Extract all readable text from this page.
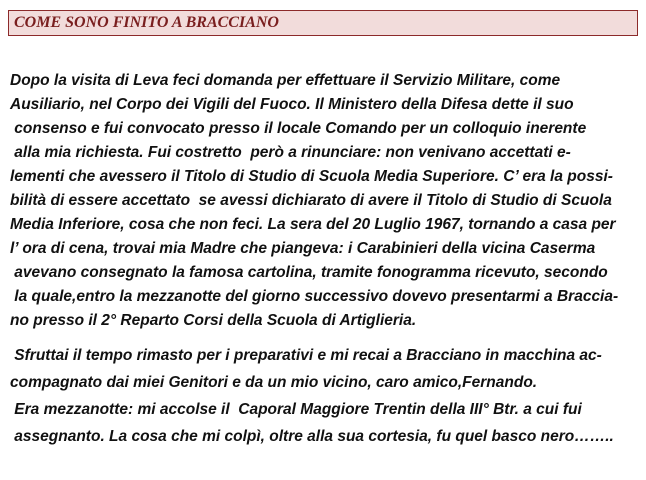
COME SONO FINITO A BRACCIANO
Dopo la visita di Leva feci domanda per effettuare il Servizio Militare, come
Ausiliario, nel Corpo dei Vigili del Fuoco. Il Ministero della Difesa dette il suo
consenso e fui convocato presso il locale Comando per un colloquio inerente
alla mia richiesta. Fui costretto  però a rinunciare: non venivano accettati e-
lementi che avessero il Titolo di Studio di Scuola Media Superiore. C’ era la possi-
bilità di essere accettato  se avessi dichiarato di avere il Titolo di Studio di Scuola
Media Inferiore, cosa che non feci. La sera del 20 Luglio 1967, tornando a casa per
l’ ora di cena, trovai mia Madre che piangeva: i Carabinieri della vicina Caserma
avevano consegnato la famosa cartolina, tramite fonogramma ricevuto, secondo
la quale,entro la mezzanotte del giorno successivo dovevo presentarmi a Braccia-
no presso il 2° Reparto Corsi della Scuola di Artiglieria.
Sfruttai il tempo rimasto per i preparativi e mi recai a Bracciano in macchina ac-
compagnato dai miei Genitori e da un mio vicino, caro amico,Fernando.
Era mezzanotte: mi accolse il  Caporal Maggiore Trentin della III° Btr. a cui fui
assegnanto. La cosa che mi colpì, oltre alla sua cortesia, fu quel basco nero……..
